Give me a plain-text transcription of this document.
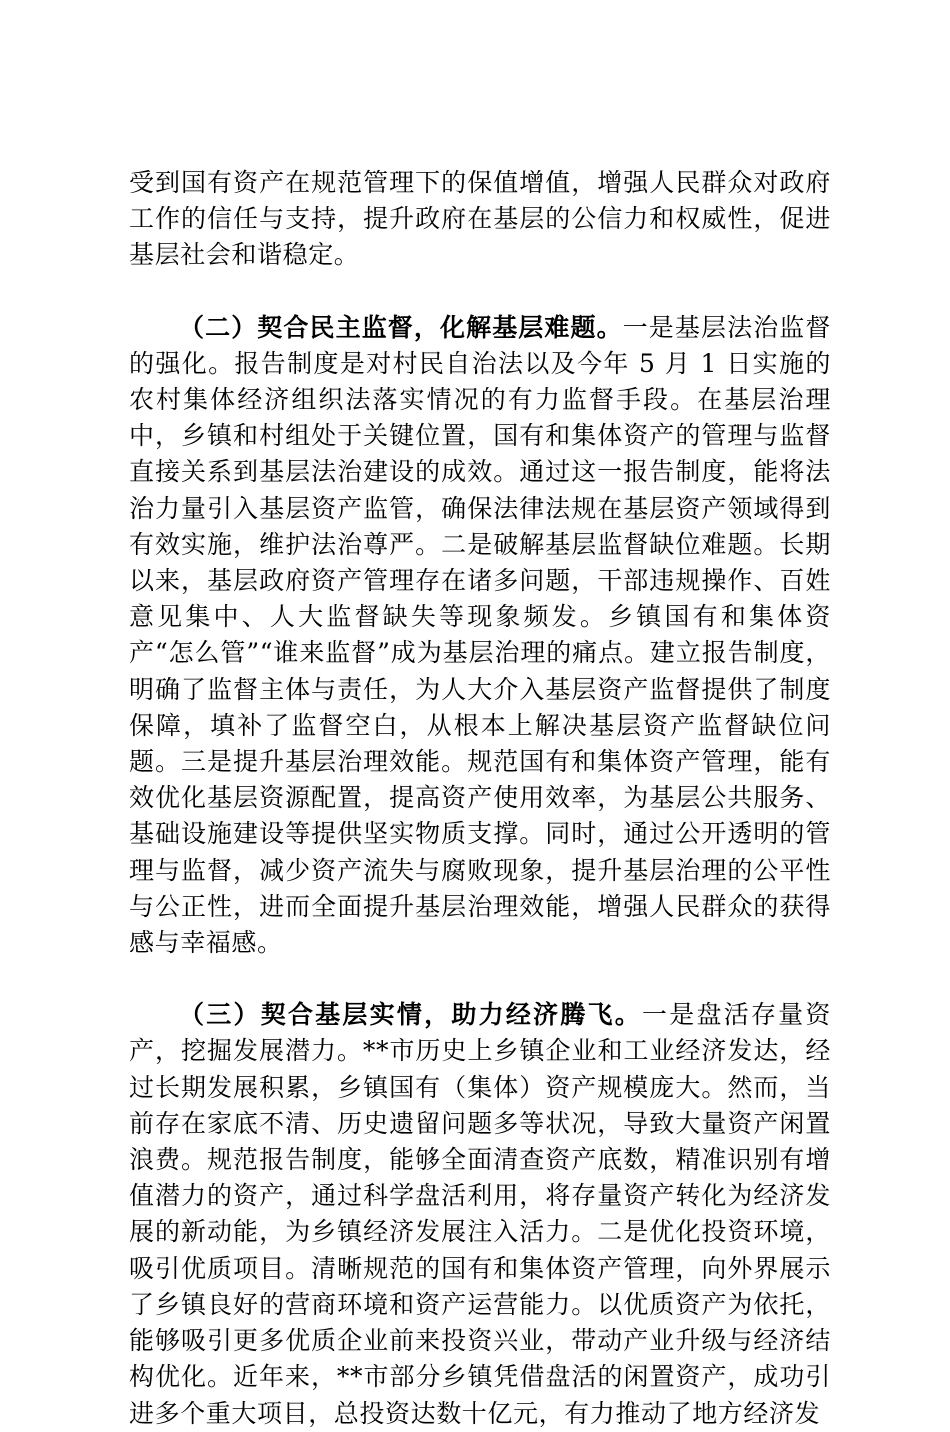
受到国有资产在规范管理下的保值增值，增强人民群众对政府工作的信任与支持，提升政府在基层的公信力和权威性，促进基层社会和谐稳定。

（二）契合民主监督，化解基层难题。一是基层法治监督的强化。报告制度是对村民自治法以及今年 5 月 1 日实施的农村集体经济组织法落实情况的有力监督手段。在基层治理中，乡镇和村组处于关键位置，国有和集体资产的管理与监督直接关系到基层法治建设的成效。通过这一报告制度，能将法治力量引入基层资产监管，确保法律法规在基层资产领域得到有效实施，维护法治尊严。二是破解基层监督缺位难题。长期以来，基层政府资产管理存在诸多问题，干部违规操作、百姓意见集中、人大监督缺失等现象频发。乡镇国有和集体资产“怎么管”“谁来监督”成为基层治理的痛点。建立报告制度，明确了监督主体与责任，为人大介入基层资产监督提供了制度保障，填补了监督空白，从根本上解决基层资产监督缺位问题。三是提升基层治理效能。规范国有和集体资产管理，能有效优化基层资源配置，提高资产使用效率，为基层公共服务、基础设施建设等提供坚实物质支撑。同时，通过公开透明的管理与监督，减少资产流失与腐败现象，提升基层治理的公平性与公正性，进而全面提升基层治理效能，增强人民群众的获得感与幸福感。

（三）契合基层实情，助力经济腾飞。一是盘活存量资产，挖掘发展潜力。**市历史上乡镇企业和工业经济发达，经过长期发展积累，乡镇国有（集体）资产规模庞大。然而，当前存在家底不清、历史遗留问题多等状况，导致大量资产闲置浪费。规范报告制度，能够全面清查资产底数，精准识别有增值潜力的资产，通过科学盘活利用，将存量资产转化为经济发展的新动能，为乡镇经济发展注入活力。二是优化投资环境，吸引优质项目。清晰规范的国有和集体资产管理，向外界展示了乡镇良好的营商环境和资产运营能力。以优质资产为依托，能够吸引更多优质企业前来投资兴业，带动产业升级与经济结构优化。近年来，**市部分乡镇凭借盘活的闲置资产，成功引进多个重大项目，总投资达数十亿元，有力推动了地方经济发
